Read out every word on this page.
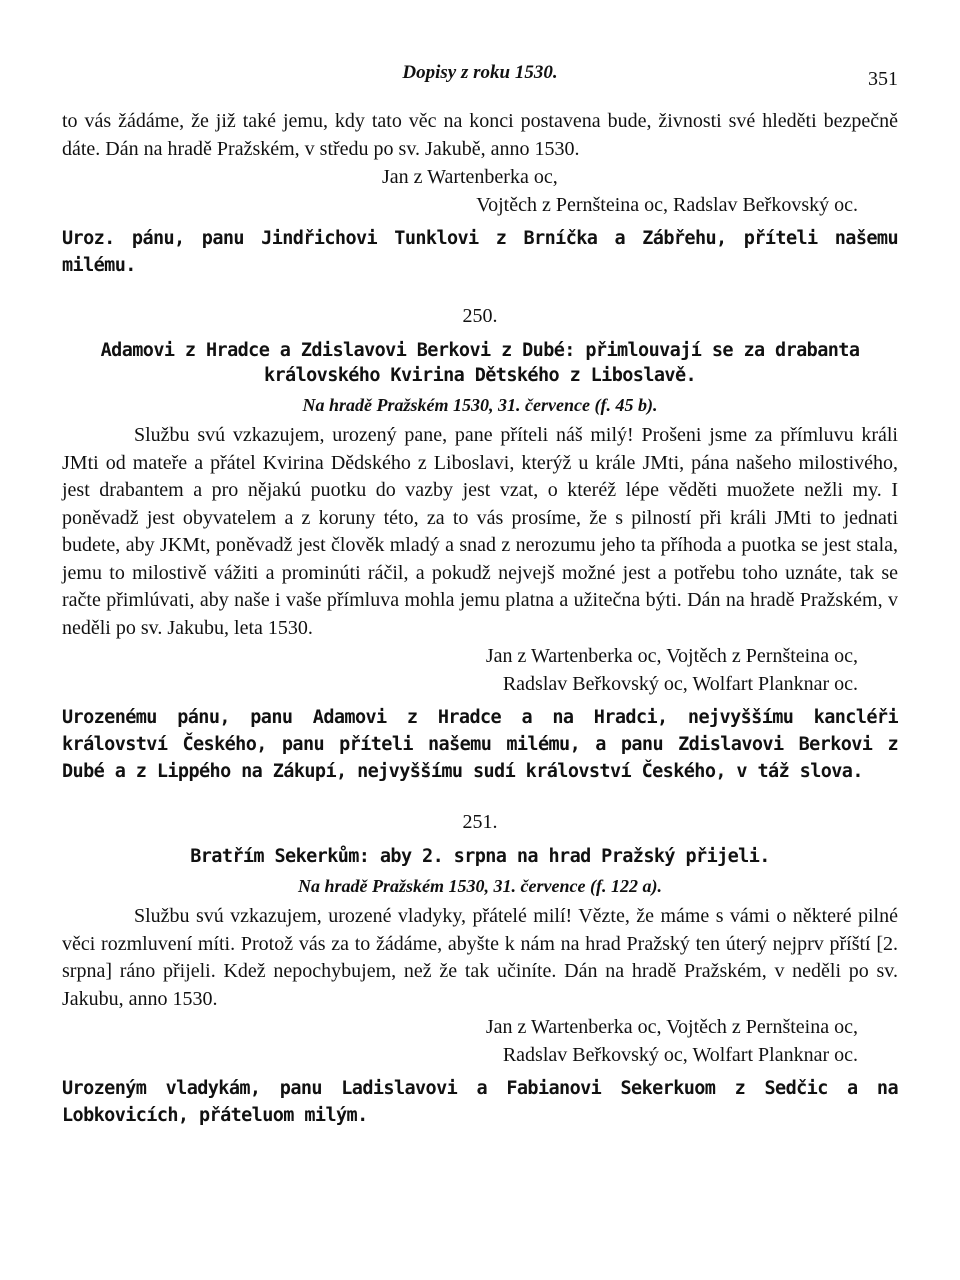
Dopisy z roku 1530.	351

to vás žádáme, že již také jemu, kdy tato věc na konci postavena bude, živnosti své hleděti bezpečně dáte. Dán na hradě Pražském, v středu po sv. Jakubě, anno 1530.

Jan z Wartenberka oc,

Vojtěch z Pernšteina oc, Radslav Beřkovský oc.

Uroz. pánu, panu Jindřichovi Tunklovi z Brníčka a Zábřehu, příteli našemu milému.

250.

Adamovi z Hradce a Zdislavovi Berkovi z Dubé: přimlouvají se za drabanta královského Kvirina Dětského z Liboslavě.

Na hradě Pražském 1530, 31. července (f. 45 b).

Službu svú vzkazujem, urozený pane, pane příteli náš milý! Prošeni jsme za přímluvu králi JMti od mateře a přátel Kvirina Dědského z Liboslavi, kterýž u krále JMti, pána našeho milostivého, jest drabantem a pro nějakú puotku do vazby jest vzat, o kteréž lépe věděti muožete nežli my. I poněvadž jest obyvatelem a z koruny této, za to vás prosíme, že s pilností při králi JMti to jednati budete, aby JKMt, poněvadž jest člověk mladý a snad z nerozumu jeho ta příhoda a puotka se jest stala, jemu to milostivě vážiti a prominúti ráčil, a pokudž nejvejš možné jest a potřebu toho uznáte, tak se račte přimlúvati, aby naše i vaše přímluva mohla jemu platna a užitečna býti. Dán na hradě Pražském, v neděli po sv. Jakubu, leta 1530.

Jan z Wartenberka oc, Vojtěch z Pernšteina oc,

Radslav Beřkovský oc, Wolfart Planknar oc.

Urozenému pánu, panu Adamovi z Hradce a na Hradci, nejvyššímu kancléři království Českého, panu příteli našemu milému, a panu Zdislavovi Berkovi z Dubé a z Lippého na Zákupí, nejvyššímu sudí království Českého, v táž slova.

251.

Bratřím Sekerkům: aby 2. srpna na hrad Pražský přijeli.

Na hradě Pražském 1530, 31. července (f. 122 a).

Službu svú vzkazujem, urozené vladyky, přátelé milí! Vězte, že máme s vámi o některé pilné věci rozmluvení míti. Protož vás za to žádáme, abyšte k nám na hrad Pražský ten úterý nejprv příští [2. srpna] ráno přijeli. Kdež nepochybujem, než že tak učiníte. Dán na hradě Pražském, v neděli po sv. Jakubu, anno 1530.

Jan z Wartenberka oc, Vojtěch z Pernšteina oc,

Radslav Beřkovský oc, Wolfart Planknar oc.

Urozeným vladykám, panu Ladislavovi a Fabianovi Sekerkuom z Sedčic a na Lobkovicích, přáteluom milým.
